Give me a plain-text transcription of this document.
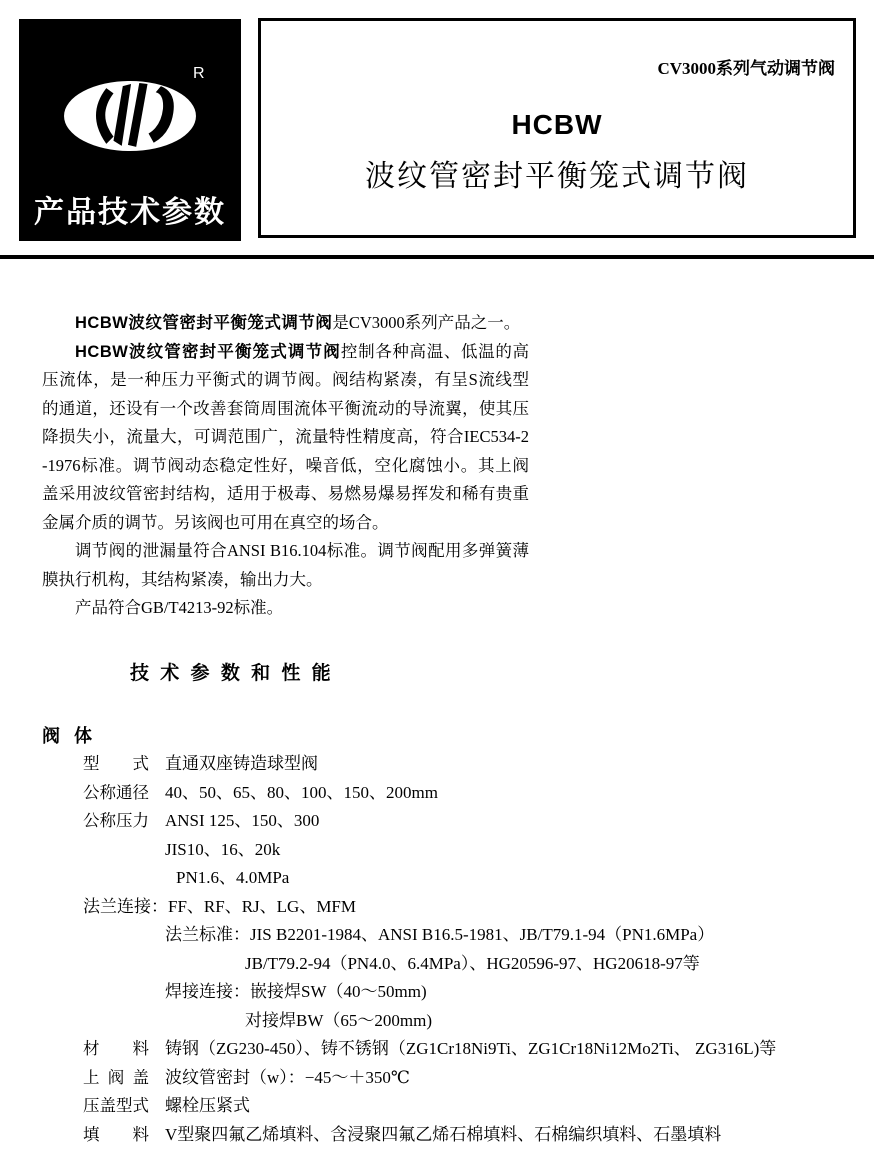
R
产品技术参数
CV3000系列气动调节阀
HCBW
波纹管密封平衡笼式调节阀
HCBW波纹管密封平衡笼式调节阀是CV3000系列产品之一。
HCBW波纹管密封平衡笼式调节阀控制各种高温、低温的高
压流体，是一种压力平衡式的调节阀。阀结构紧凑，有呈S流线型
的通道，还设有一个改善套筒周围流体平衡流动的导流翼，使其压
降损失小，流量大，可调范围广，流量特性精度高，符合IEC534-2
-1976标准。调节阀动态稳定性好，噪音低，空化腐蚀小。其上阀
盖采用波纹管密封结构，适用于极毒、易燃易爆易挥发和稀有贵重
金属介质的调节。另该阀也可用在真空的场合。
调节阀的泄漏量符合ANSI B16.104标准。调节阀配用多弹簧薄
膜执行机构，其结构紧凑，输出力大。
产品符合GB/T4213-92标准。
技 术 参 数 和 性 能
阀 体
型 式 直通双座铸造球型阀
公 称 通 径 40、50、65、80、100、150、200mm
公 称 压 力 ANSI 125、150、300
JIS10、16、20k
PN1.6、4.0MPa
法兰连接：FF、RF、RJ、LG、MFM
法兰标准：JIS B2201-1984、ANSI B16.5-1981、JB/T79.1-94（PN1.6MPa）
JB/T79.2-94（PN4.0、6.4MPa）、HG20596-97、HG20618-97等
焊接连接：嵌接焊SW（40～50mm)
对接焊BW（65～200mm)
材 料 铸钢（ZG230-450）、铸不锈钢（ZG1Cr18Ni9Ti、ZG1Cr18Ni12Mo2Ti、 ZG316L)等
上 阀 盖 波纹管密封（w）：−45～＋350℃
压 盖 型 式 螺栓压紧式
填 料 V型聚四氟乙烯填料、含浸聚四氟乙烯石棉填料、石棉编织填料、石墨填料
